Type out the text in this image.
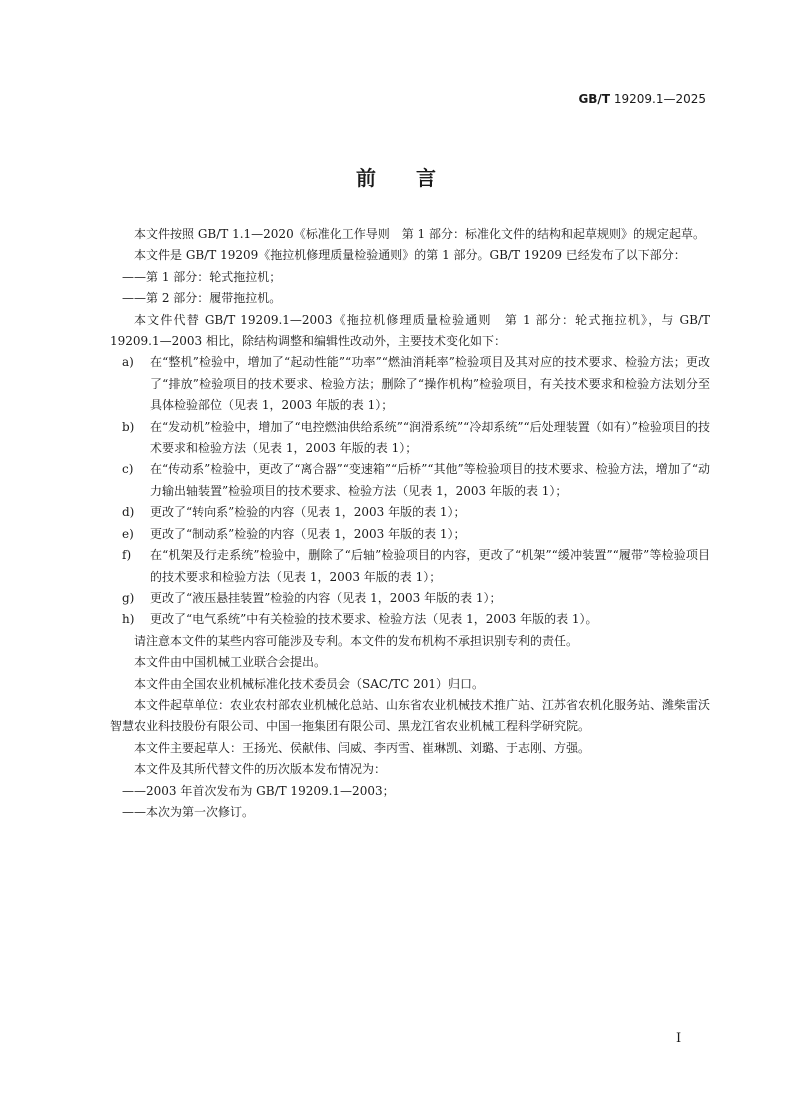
GB/T 19209.1—2025
前　　言

本文件按照 GB/T 1.1—2020《标准化工作导则　第 1 部分：标准化文件的结构和起草规则》的规定起草。

本文件是 GB/T 19209《拖拉机修理质量检验通则》的第 1 部分。GB/T 19209 已经发布了以下部分：

——第 1 部分：轮式拖拉机；

——第 2 部分：履带拖拉机。

本文件代替 GB/T 19209.1—2003《拖拉机修理质量检验通则　第 1 部分：轮式拖拉机》，与 GB/T 19209.1—2003 相比，除结构调整和编辑性改动外，主要技术变化如下：

a) 在“整机”检验中，增加了“起动性能”“功率”“燃油消耗率”检验项目及其对应的技术要求、检验方法；更改了“排放”检验项目的技术要求、检验方法；删除了“操作机构”检验项目，有关技术要求和检验方法划分至具体检验部位（见表 1，2003 年版的表 1）；
b) 在“发动机”检验中，增加了“电控燃油供给系统”“润滑系统”“冷却系统”“后处理装置（如有）”检验项目的技术要求和检验方法（见表 1，2003 年版的表 1）；
c) 在“传动系”检验中，更改了“离合器”“变速箱”“后桥”“其他”等检验项目的技术要求、检验方法，增加了“动力输出轴装置”检验项目的技术要求、检验方法（见表 1，2003 年版的表 1）；
d) 更改了“转向系”检验的内容（见表 1，2003 年版的表 1）；
e) 更改了“制动系”检验的内容（见表 1，2003 年版的表 1）；
f) 在“机架及行走系统”检验中，删除了“后轴”检验项目的内容，更改了“机架”“缓冲装置”“履带”等检验项目的技术要求和检验方法（见表 1，2003 年版的表 1）；
g) 更改了“液压悬挂装置”检验的内容（见表 1，2003 年版的表 1）；
h) 更改了“电气系统”中有关检验的技术要求、检验方法（见表 1，2003 年版的表 1）。

请注意本文件的某些内容可能涉及专利。本文件的发布机构不承担识别专利的责任。

本文件由中国机械工业联合会提出。

本文件由全国农业机械标准化技术委员会（SAC/TC 201）归口。

本文件起草单位：农业农村部农业机械化总站、山东省农业机械技术推广站、江苏省农机化服务站、潍柴雷沃智慧农业科技股份有限公司、中国一拖集团有限公司、黑龙江省农业机械工程科学研究院。

本文件主要起草人：王扬光、侯献伟、闫威、李丙雪、崔琳凯、刘璐、于志刚、方强。

本文件及其所代替文件的历次版本发布情况为：

——2003 年首次发布为 GB/T 19209.1—2003；

——本次为第一次修订。

I
